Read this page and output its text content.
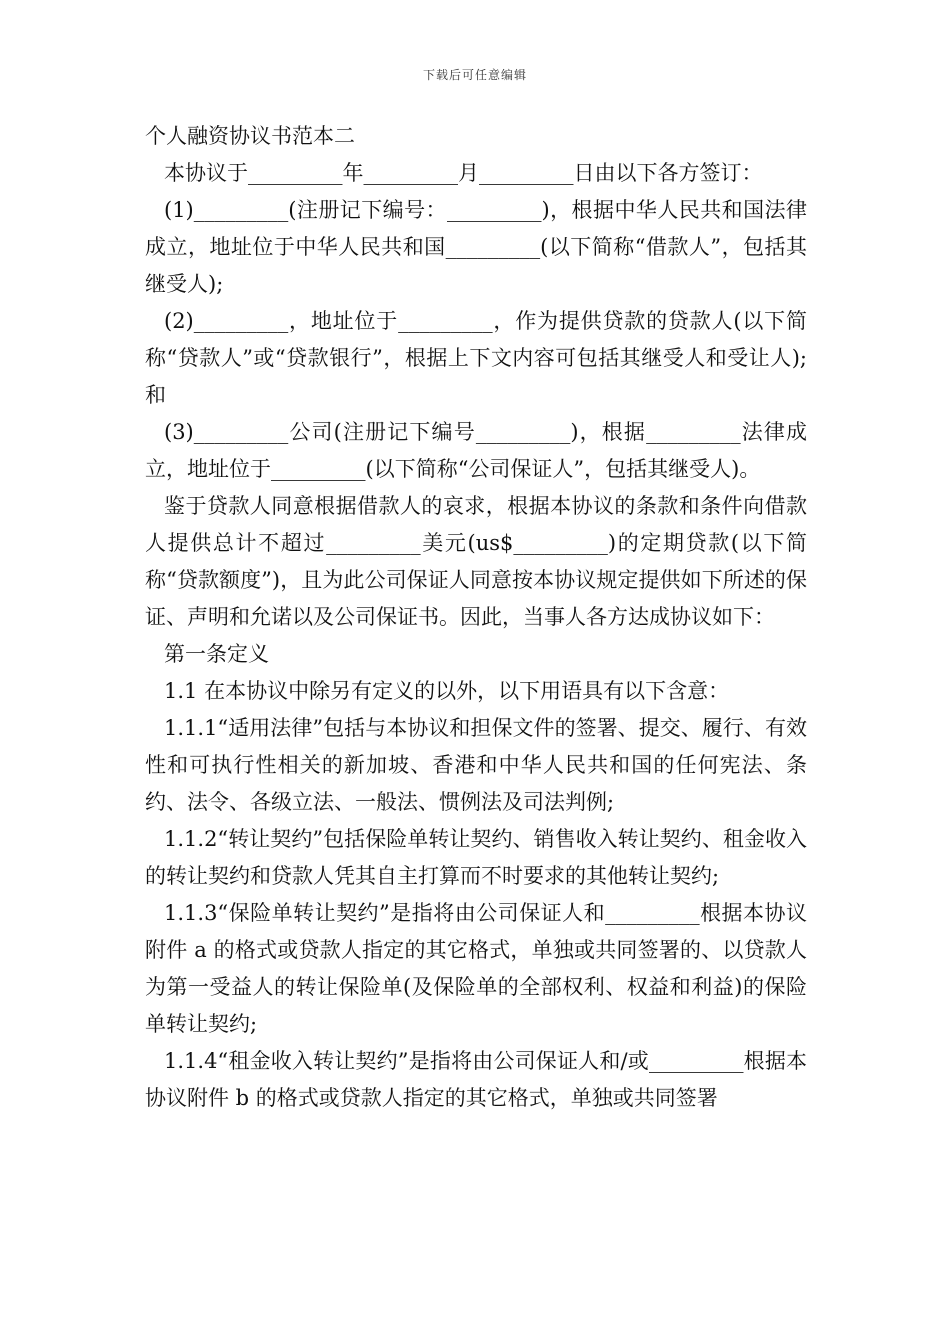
下载后可任意编辑

个人融资协议书范本二

本协议于_________年_________月_________日由以下各方签订：

(1)_________(注册记下编号：_________)，根据中华人民共和国法律成立，地址位于中华人民共和国_________(以下简称“借款人”，包括其继受人);

(2)_________，地址位于_________，作为提供贷款的贷款人(以下简称“贷款人”或“贷款银行”，根据上下文内容可包括其继受人和受让人);和

(3)_________公司(注册记下编号_________)，根据_________法律成立，地址位于_________(以下简称“公司保证人”，包括其继受人)。

鉴于贷款人同意根据借款人的哀求，根据本协议的条款和条件向借款人提供总计不超过_________美元(us$_________)的定期贷款(以下简称“贷款额度”)，且为此公司保证人同意按本协议规定提供如下所述的保证、声明和允诺以及公司保证书。因此，当事人各方达成协议如下：

第一条定义

1.1 在本协议中除另有定义的以外，以下用语具有以下含意：

1.1.1“适用法律”包括与本协议和担保文件的签署、提交、履行、有效性和可执行性相关的新加坡、香港和中华人民共和国的任何宪法、条约、法令、各级立法、一般法、惯例法及司法判例;

1.1.2“转让契约”包括保险单转让契约、销售收入转让契约、租金收入的转让契约和贷款人凭其自主打算而不时要求的其他转让契约;

1.1.3“保险单转让契约”是指将由公司保证人和_________根据本协议附件 a 的格式或贷款人指定的其它格式，单独或共同签署的、以贷款人为第一受益人的转让保险单(及保险单的全部权利、权益和利益)的保险单转让契约;

1.1.4“租金收入转让契约”是指将由公司保证人和/或_________根据本协议附件 b 的格式或贷款人指定的其它格式，单独或共同签署
